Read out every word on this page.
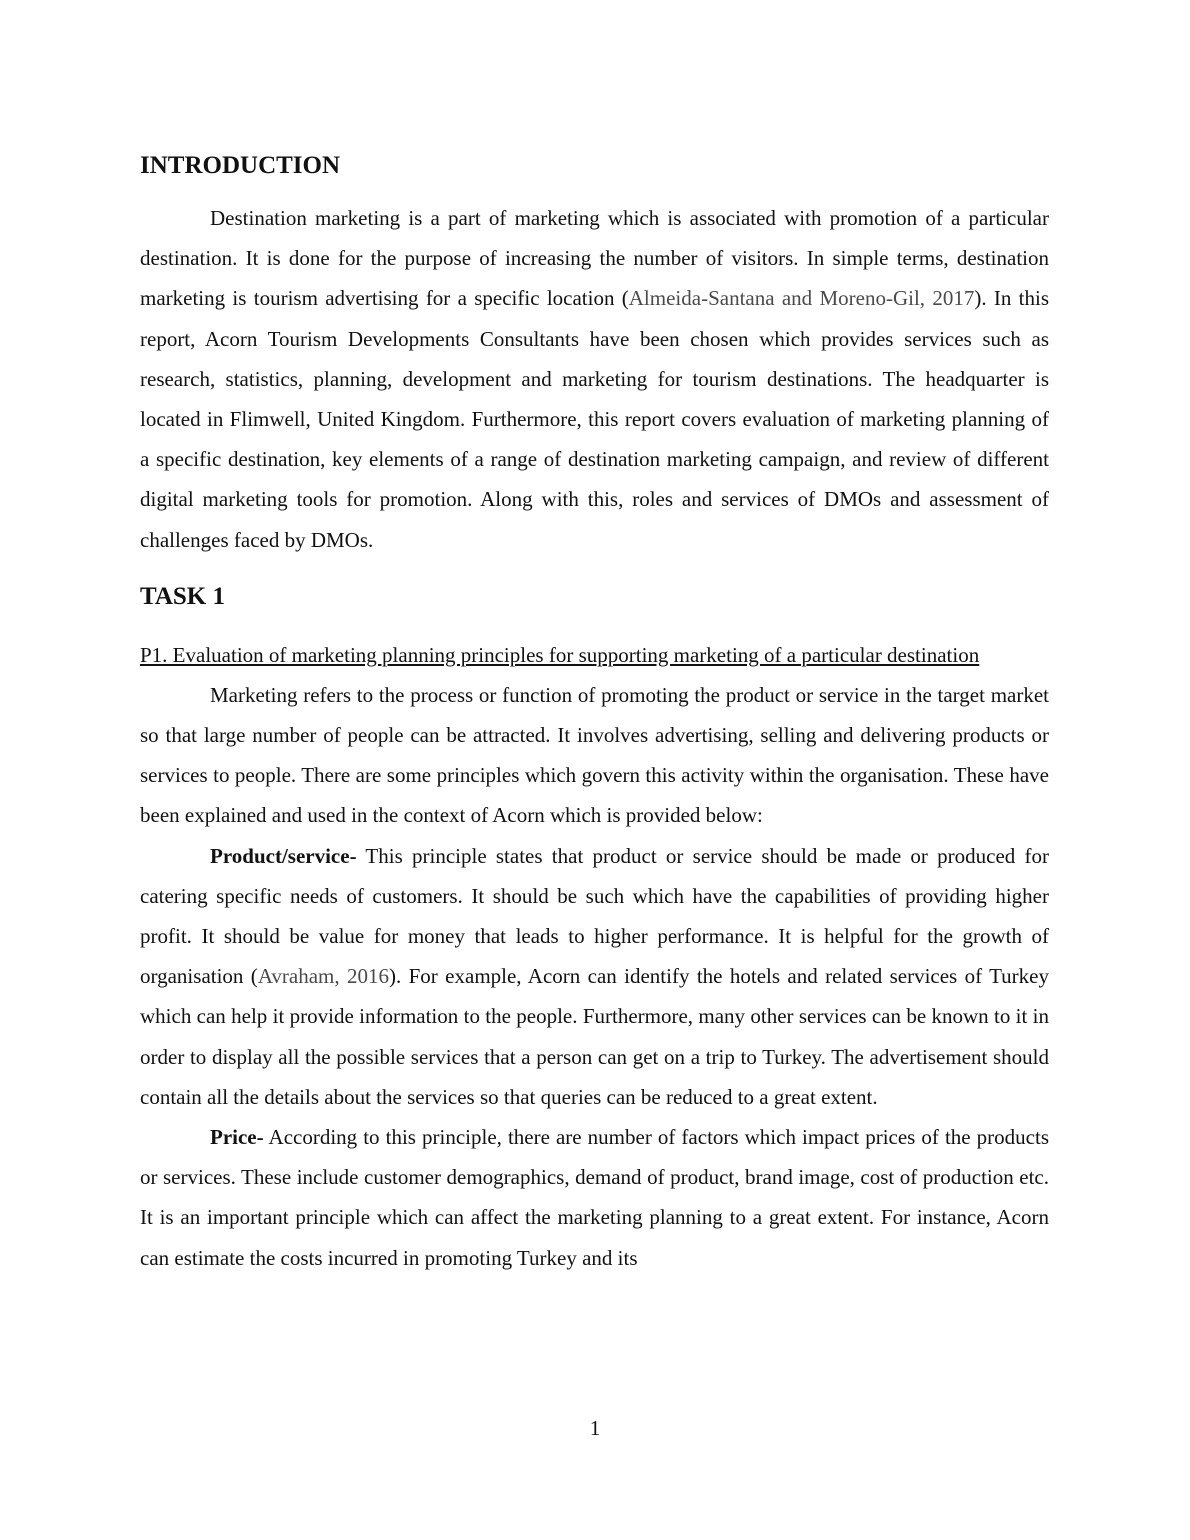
INTRODUCTION

Destination marketing is a part of marketing which is associated with promotion of a particular destination. It is done for the purpose of increasing the number of visitors. In simple terms, destination marketing is tourism advertising for a specific location (Almeida-Santana and Moreno-Gil, 2017). In this report, Acorn Tourism Developments Consultants have been chosen which provides services such as research, statistics, planning, development and marketing for tourism destinations. The headquarter is located in Flimwell, United Kingdom. Furthermore, this report covers evaluation of marketing planning of a specific destination, key elements of a range of destination marketing campaign, and review of different digital marketing tools for promotion. Along with this, roles and services of DMOs and assessment of challenges faced by DMOs.

TASK 1

P1. Evaluation of marketing planning principles for supporting marketing of a particular destination

Marketing refers to the process or function of promoting the product or service in the target market so that large number of people can be attracted. It involves advertising, selling and delivering products or services to people. There are some principles which govern this activity within the organisation. These have been explained and used in the context of Acorn which is provided below:

Product/service- This principle states that product or service should be made or produced for catering specific needs of customers. It should be such which have the capabilities of providing higher profit. It should be value for money that leads to higher performance. It is helpful for the growth of organisation (Avraham, 2016). For example, Acorn can identify the hotels and related services of Turkey which can help it provide information to the people. Furthermore, many other services can be known to it in order to display all the possible services that a person can get on a trip to Turkey. The advertisement should contain all the details about the services so that queries can be reduced to a great extent.

Price- According to this principle, there are number of factors which impact prices of the products or services. These include customer demographics, demand of product, brand image, cost of production etc. It is an important principle which can affect the marketing planning to a great extent. For instance, Acorn can estimate the costs incurred in promoting Turkey and its

1
